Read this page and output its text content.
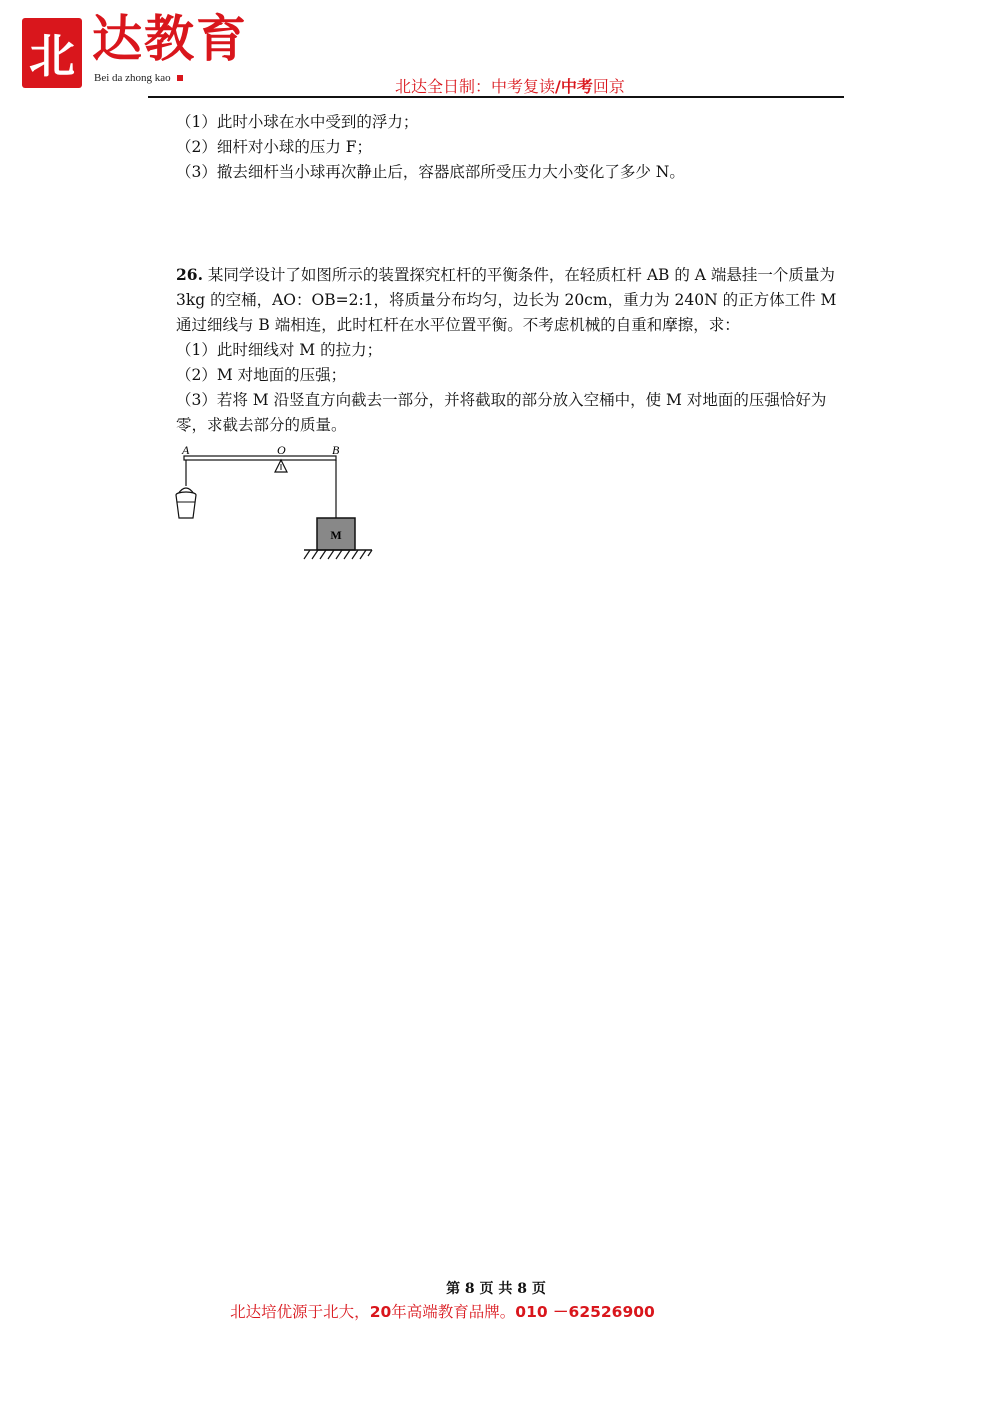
北 达教育
Bei da zhong kao	北达全日制：中考复读/中考回京
（1）此时小球在水中受到的浮力；
（2）细杆对小球的压力 F；
（3）撤去细杆当小球再次静止后，容器底部所受压力大小变化了多少 N。

26. 某同学设计了如图所示的装置探究杠杆的平衡条件，在轻质杠杆 AB 的 A 端悬挂一个质量为 3kg 的空桶，AO：OB=2:1，将质量分布均匀，边长为 20cm，重力为 240N 的正方体工件 M 通过细线与 B 端相连，此时杠杆在水平位置平衡。不考虑机械的自重和摩擦，求：

（1）此时细线对 M 的拉力；

（2）M 对地面的压强；

（3）若将 M 沿竖直方向截去一部分，并将截取的部分放入空桶中，使 M 对地面的压强恰好为零，求截去部分的质量。

A	O	B
M
第 8 页 共 8 页
北达培优源于北大，20年高端教育品牌。010 －62526900
